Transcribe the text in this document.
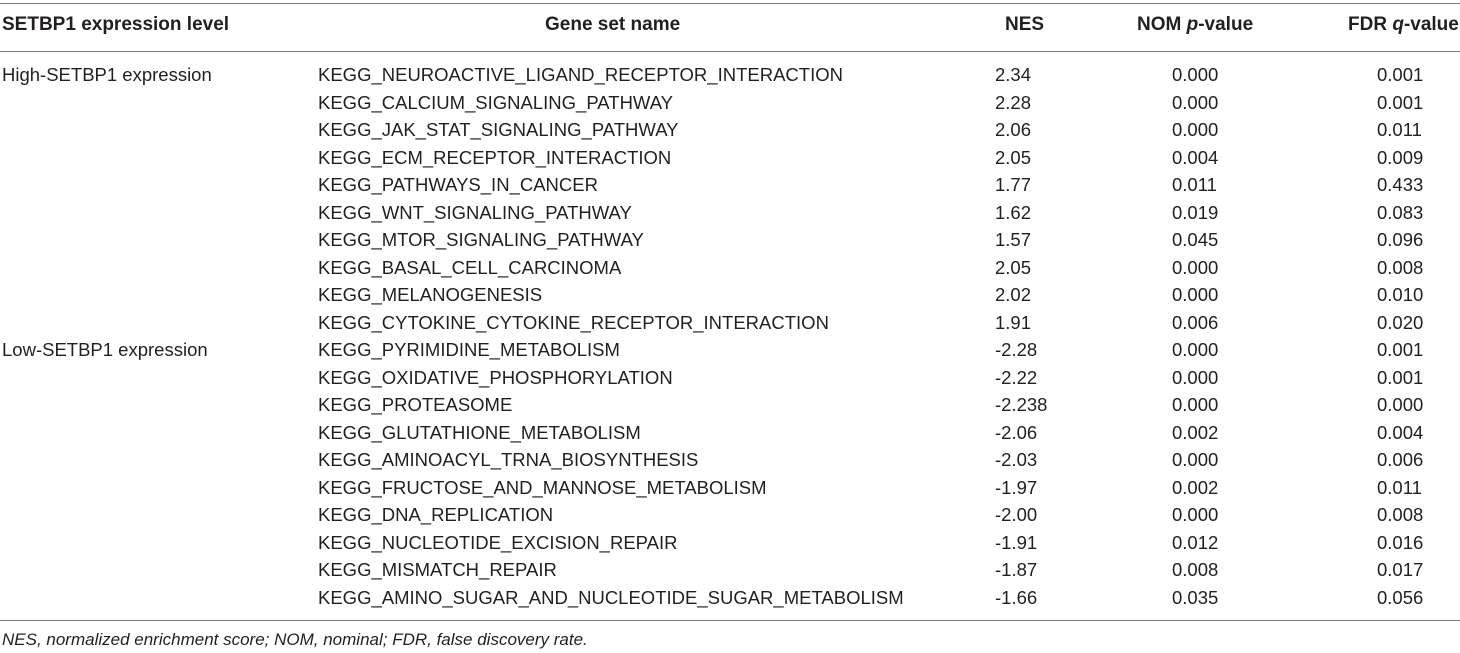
SETBP1 expression level	Gene set name	NES	NOM p-value	FDR q-value
High-SETBP1 expression	KEGG_NEUROACTIVE_LIGAND_RECEPTOR_INTERACTION	2.34	0.000	0.001
KEGG_CALCIUM_SIGNALING_PATHWAY	2.28	0.000	0.001
KEGG_JAK_STAT_SIGNALING_PATHWAY	2.06	0.000	0.011
KEGG_ECM_RECEPTOR_INTERACTION	2.05	0.004	0.009
KEGG_PATHWAYS_IN_CANCER	1.77	0.011	0.433
KEGG_WNT_SIGNALING_PATHWAY	1.62	0.019	0.083
KEGG_MTOR_SIGNALING_PATHWAY	1.57	0.045	0.096
KEGG_BASAL_CELL_CARCINOMA	2.05	0.000	0.008
KEGG_MELANOGENESIS	2.02	0.000	0.010
KEGG_CYTOKINE_CYTOKINE_RECEPTOR_INTERACTION	1.91	0.006	0.020
Low-SETBP1 expression	KEGG_PYRIMIDINE_METABOLISM	-2.28	0.000	0.001
KEGG_OXIDATIVE_PHOSPHORYLATION	-2.22	0.000	0.001
KEGG_PROTEASOME	-2.238	0.000	0.000
KEGG_GLUTATHIONE_METABOLISM	-2.06	0.002	0.004
KEGG_AMINOACYL_TRNA_BIOSYNTHESIS	-2.03	0.000	0.006
KEGG_FRUCTOSE_AND_MANNOSE_METABOLISM	-1.97	0.002	0.011
KEGG_DNA_REPLICATION	-2.00	0.000	0.008
KEGG_NUCLEOTIDE_EXCISION_REPAIR	-1.91	0.012	0.016
KEGG_MISMATCH_REPAIR	-1.87	0.008	0.017
KEGG_AMINO_SUGAR_AND_NUCLEOTIDE_SUGAR_METABOLISM	-1.66	0.035	0.056
NES, normalized enrichment score; NOM, nominal; FDR, false discovery rate.
